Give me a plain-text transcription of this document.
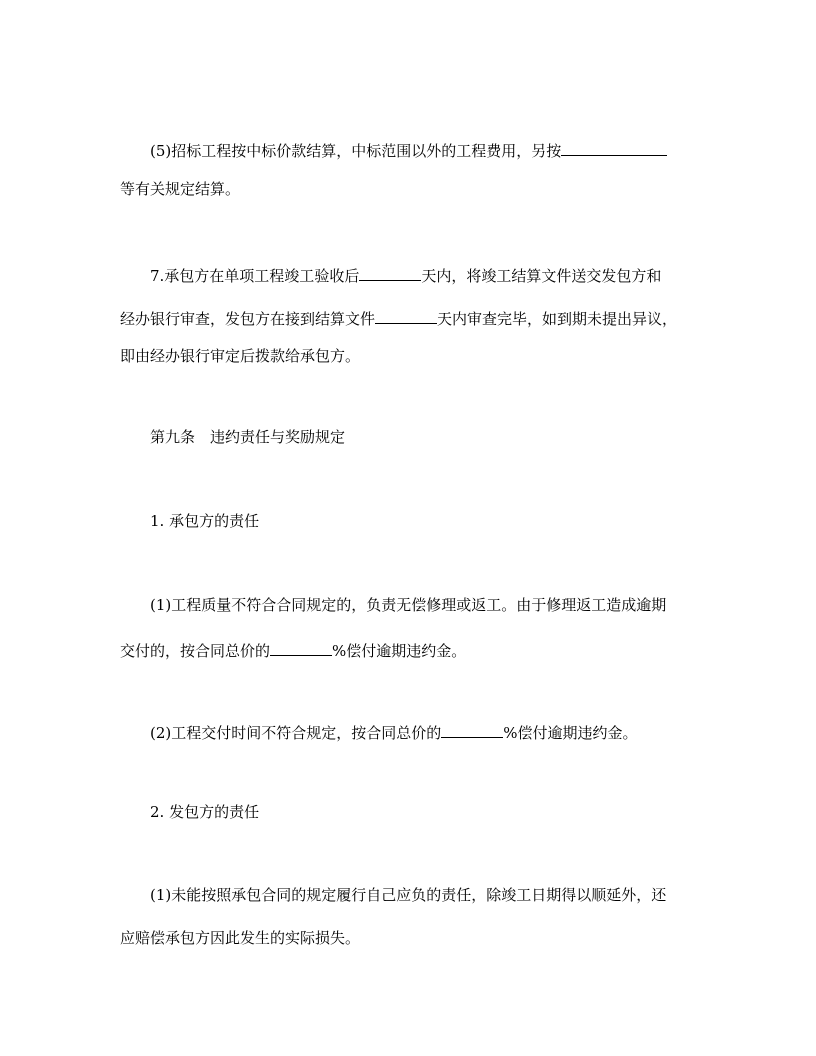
(5)招标工程按中标价款结算，中标范围以外的工程费用，另按
等有关规定结算。
7.承包方在单项工程竣工验收后	天内，将竣工结算文件送交发包方和
经办银行审查，发包方在接到结算文件	天内审查完毕，如到期未提出异议，
即由经办银行审定后拨款给承包方。
第九条　违约责任与奖励规定
1. 承包方的责任
(1)工程质量不符合合同规定的，负责无偿修理或返工。由于修理返工造成逾期
交付的，按合同总价的	%偿付逾期违约金。
(2)工程交付时间不符合规定，按合同总价的	%偿付逾期违约金。
2. 发包方的责任
(1)未能按照承包合同的规定履行自己应负的责任，除竣工日期得以顺延外，还
应赔偿承包方因此发生的实际损失。
